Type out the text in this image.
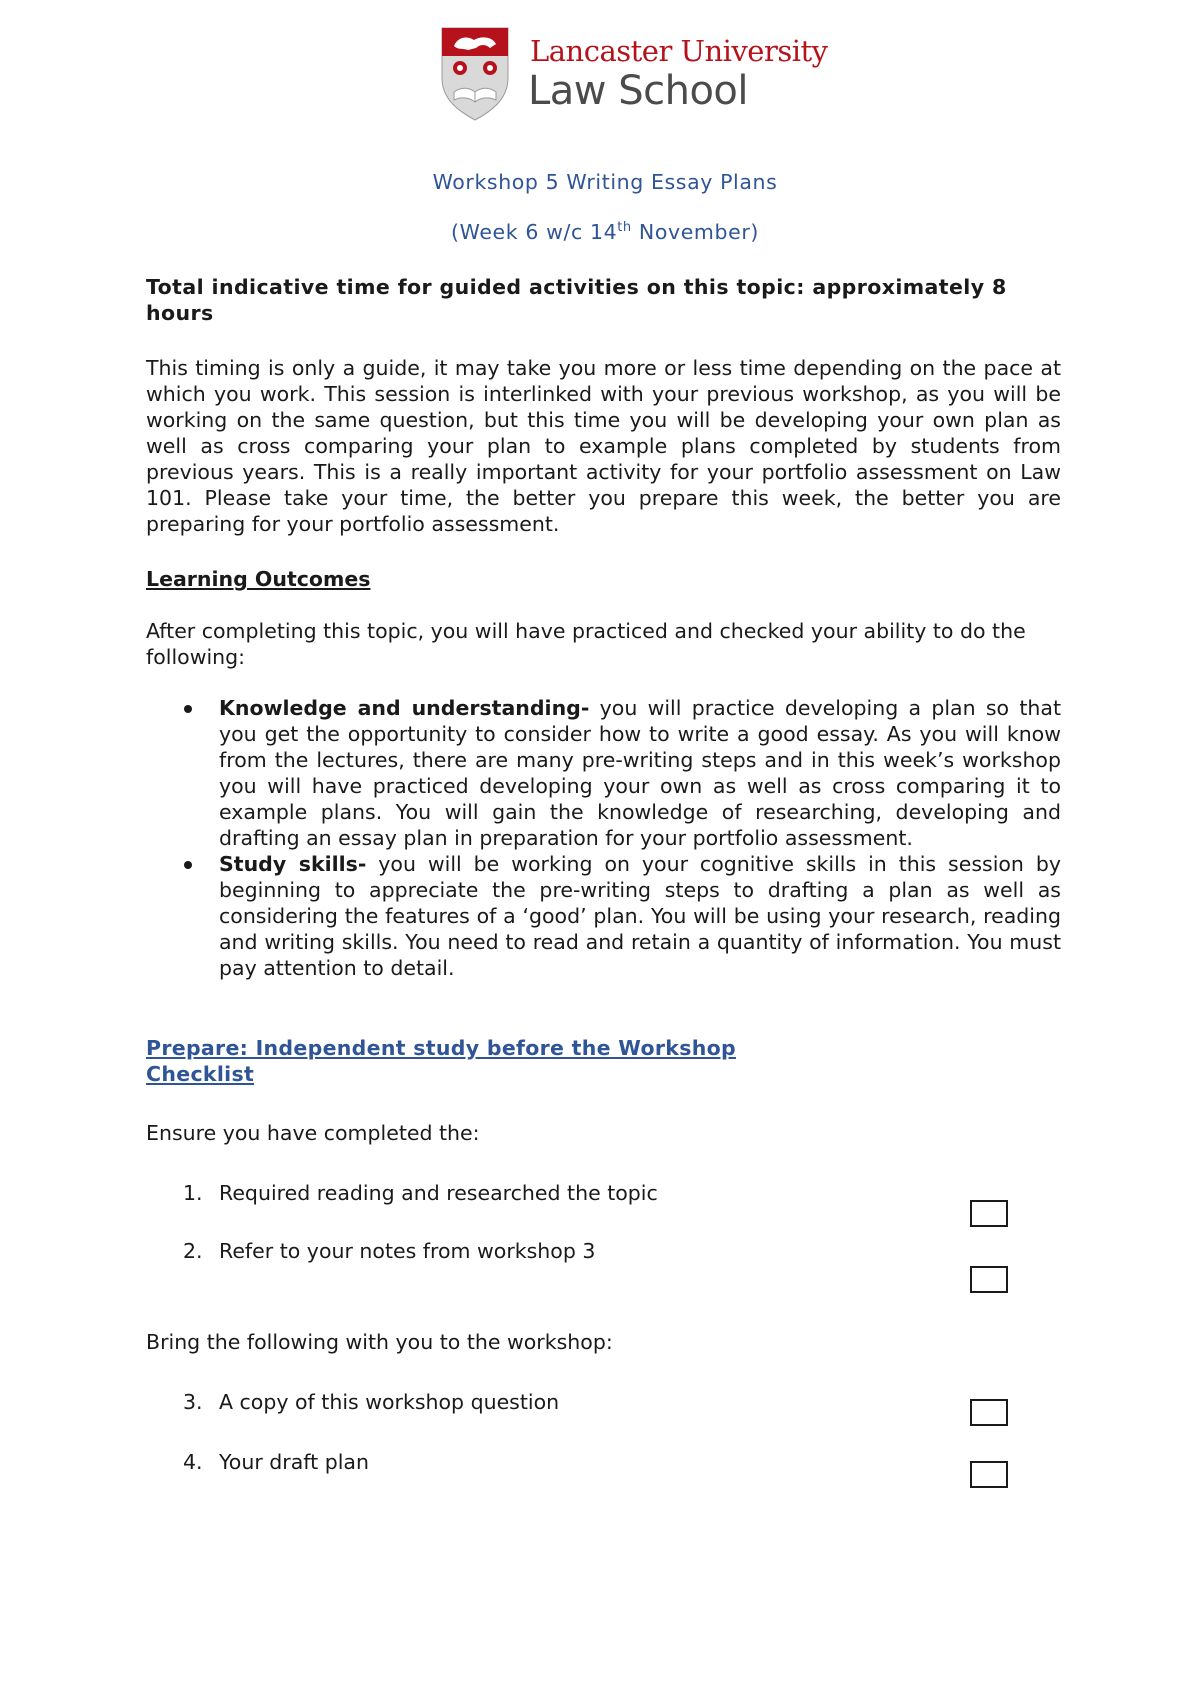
Lancaster University
Law School
Workshop 5 Writing Essay Plans
(Week 6 w/c 14th November)
Total indicative time for guided activities on this topic: approximately 8 hours
This timing is only a guide, it may take you more or less time depending on the pace at which you work. This session is interlinked with your previous workshop, as you will be working on the same question, but this time you will be developing your own plan as well as cross comparing your plan to example plans completed by students from previous years. This is a really important activity for your portfolio assessment on Law 101. Please take your time, the better you prepare this week, the better you are preparing for your portfolio assessment.
Learning Outcomes
After completing this topic, you will have practiced and checked your ability to do the following:
Knowledge and understanding- you will practice developing a plan so that you get the opportunity to consider how to write a good essay. As you will know from the lectures, there are many pre-writing steps and in this week’s workshop you will have practiced developing your own as well as cross comparing it to example plans. You will gain the knowledge of researching, developing and drafting an essay plan in preparation for your portfolio assessment.
Study skills- you will be working on your cognitive skills in this session by beginning to appreciate the pre-writing steps to drafting a plan as well as considering the features of a ‘good’ plan. You will be using your research, reading and writing skills. You need to read and retain a quantity of information. You must pay attention to detail.
Prepare: Independent study before the Workshop
Checklist
Ensure you have completed the:
1. Required reading and researched the topic
2. Refer to your notes from workshop 3
Bring the following with you to the workshop:
3. A copy of this workshop question
4. Your draft plan
